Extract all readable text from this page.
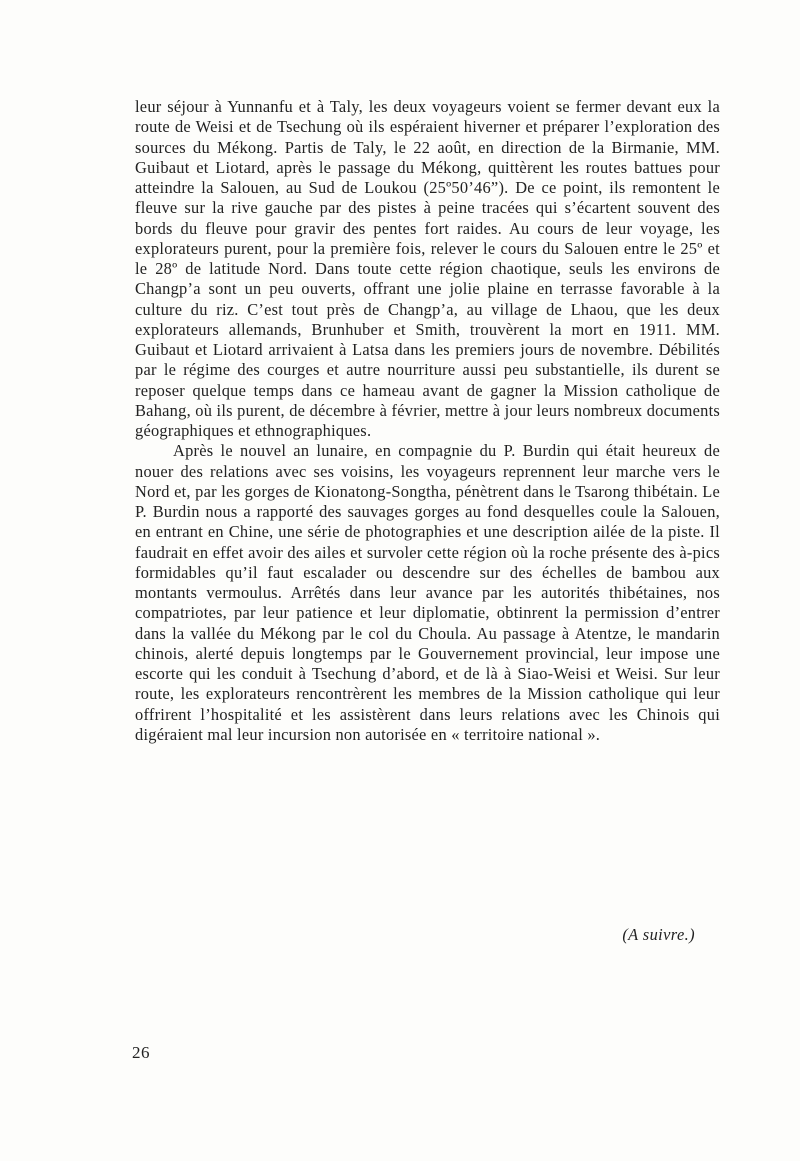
leur séjour à Yunnanfu et à Taly, les deux voyageurs voient se fermer devant eux la route de Weisi et de Tsechung où ils espéraient hiverner et préparer l’exploration des sources du Mékong. Partis de Taly, le 22 août, en direction de la Birmanie, MM. Guibaut et Liotard, après le passage du Mékong, quittèrent les routes battues pour atteindre la Salouen, au Sud de Loukou (25º50’46”). De ce point, ils remontent le fleuve sur la rive gauche par des pistes à peine tracées qui s’écartent souvent des bords du fleuve pour gravir des pentes fort raides. Au cours de leur voyage, les explorateurs purent, pour la première fois, relever le cours du Salouen entre le 25º et le 28º de latitude Nord. Dans toute cette région chaotique, seuls les environs de Changp’a sont un peu ouverts, offrant une jolie plaine en terrasse favorable à la culture du riz. C’est tout près de Changp’a, au village de Lhaou, que les deux explorateurs allemands, Brunhuber et Smith, trouvèrent la mort en 1911. MM. Guibaut et Liotard arrivaient à Latsa dans les premiers jours de novembre. Débilités par le régime des courges et autre nourriture aussi peu substantielle, ils durent se reposer quelque temps dans ce hameau avant de gagner la Mission catholique de Bahang, où ils purent, de décembre à février, mettre à jour leurs nombreux documents géographiques et ethnographiques.

Après le nouvel an lunaire, en compagnie du P. Burdin qui était heureux de nouer des relations avec ses voisins, les voyageurs reprennent leur marche vers le Nord et, par les gorges de Kionatong-Songtha, pénètrent dans le Tsarong thibétain. Le P. Burdin nous a rapporté des sauvages gorges au fond desquelles coule la Salouen, en entrant en Chine, une série de photographies et une description ailée de la piste. Il faudrait en effet avoir des ailes et survoler cette région où la roche présente des à-pics formidables qu’il faut escalader ou descendre sur des échelles de bambou aux montants vermoulus. Arrêtés dans leur avance par les autorités thibétaines, nos compatriotes, par leur patience et leur diplomatie, obtinrent la permission d’entrer dans la vallée du Mékong par le col du Choula. Au passage à Atentze, le mandarin chinois, alerté depuis longtemps par le Gouvernement provincial, leur impose une escorte qui les conduit à Tsechung d’abord, et de là à Siao-Weisi et Weisi. Sur leur route, les explorateurs rencontrèrent les membres de la Mission catholique qui leur offrirent l’hospitalité et les assistèrent dans leurs relations avec les Chinois qui digéraient mal leur incursion non autorisée en « territoire national ».

(A suivre.)
26
